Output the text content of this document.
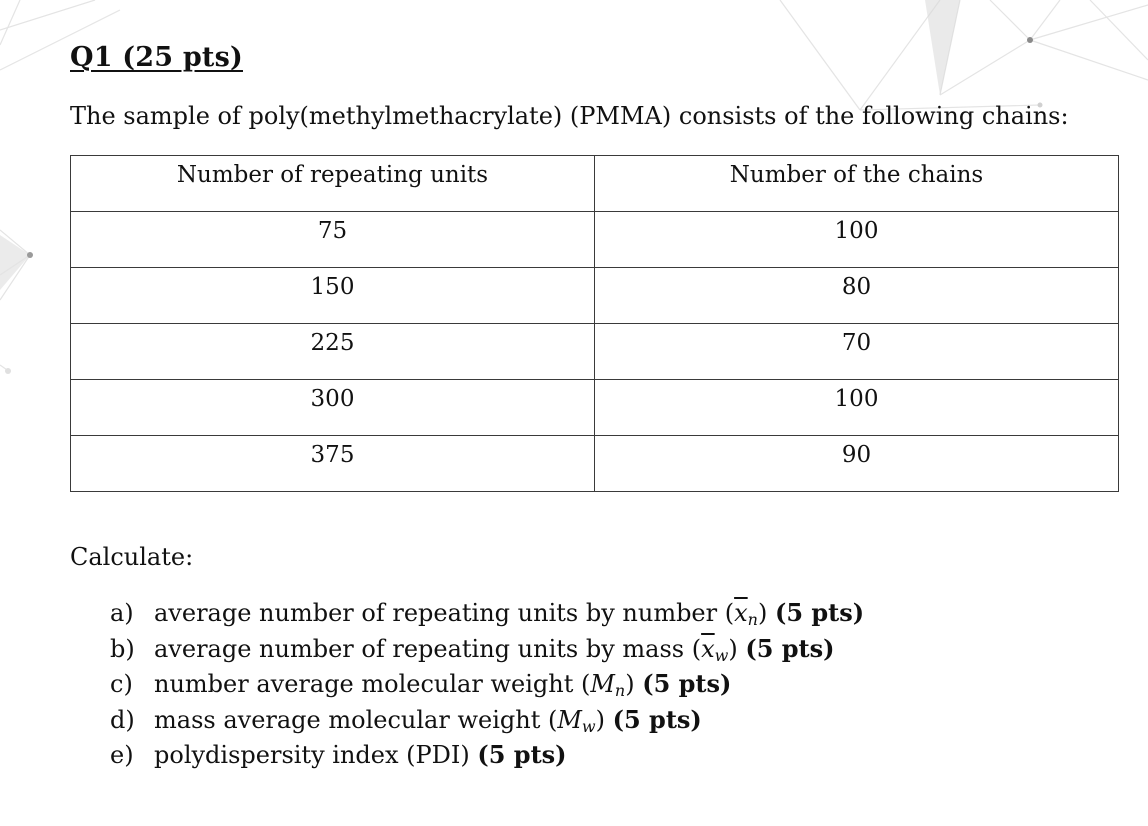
Q1 (25 pts)
The sample of poly(methylmethacrylate) (PMMA) consists of the following chains:
Number of repeating units	Number of the chains
75	100
150	80
225	70
300	100
375	90
Calculate:
a) average number of repeating units by number $(\overline{x}_n)$ (5 pts)
b) average number of repeating units by mass $(\overline{x}_w)$ (5 pts)
c) number average molecular weight $(M_n)$ (5 pts)
d) mass average molecular weight $(M_w)$ (5 pts)
e) polydispersity index (PDI) (5 pts)
